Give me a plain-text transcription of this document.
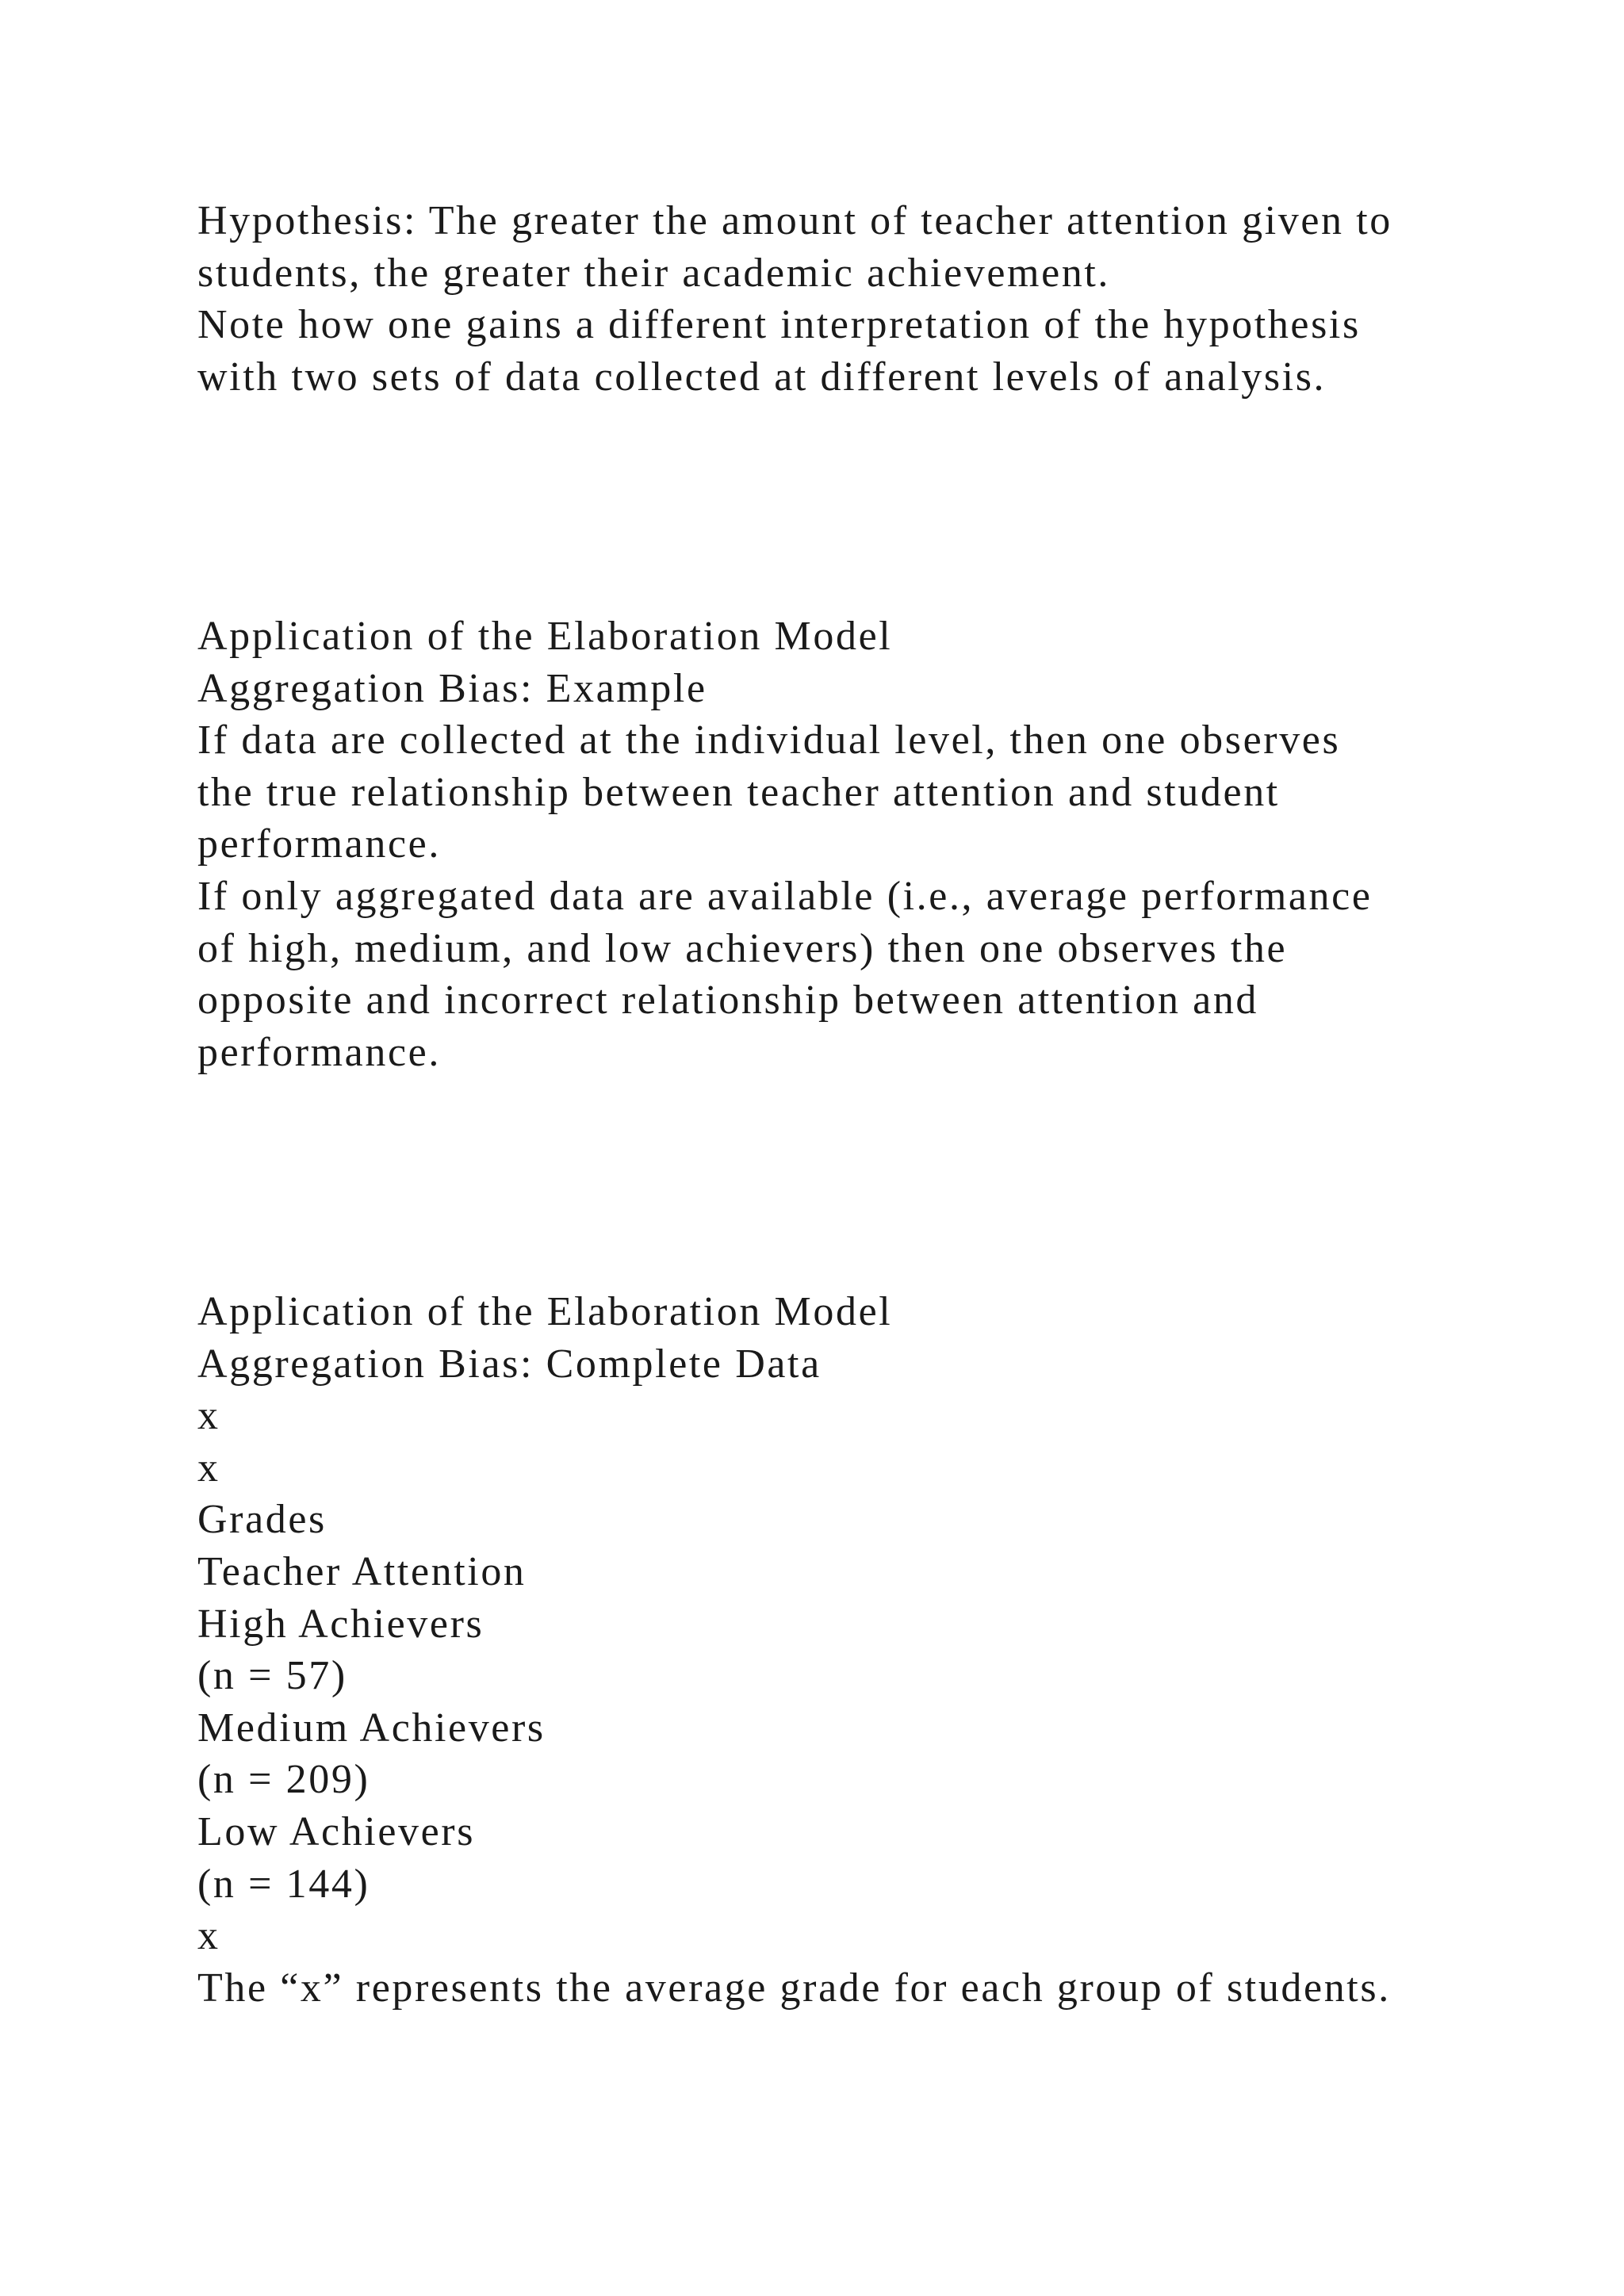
Hypothesis: The greater the amount of teacher attention given to
students, the greater their academic achievement.
Note how one gains a different interpretation of the hypothesis
with two sets of data collected at different levels of analysis.
Application of the Elaboration Model
Aggregation Bias: Example
If data are collected at the individual level, then one observes
the true relationship between teacher attention and student
performance.
If only aggregated data are available (i.e., average performance
of high, medium, and low achievers) then one observes the
opposite and incorrect relationship between attention and
performance.
Application of the Elaboration Model
Aggregation Bias: Complete Data
x
x
Grades
Teacher Attention
High Achievers
(n = 57)
Medium Achievers
(n = 209)
Low Achievers
(n = 144)
x
The “x” represents the average grade for each group of students.
